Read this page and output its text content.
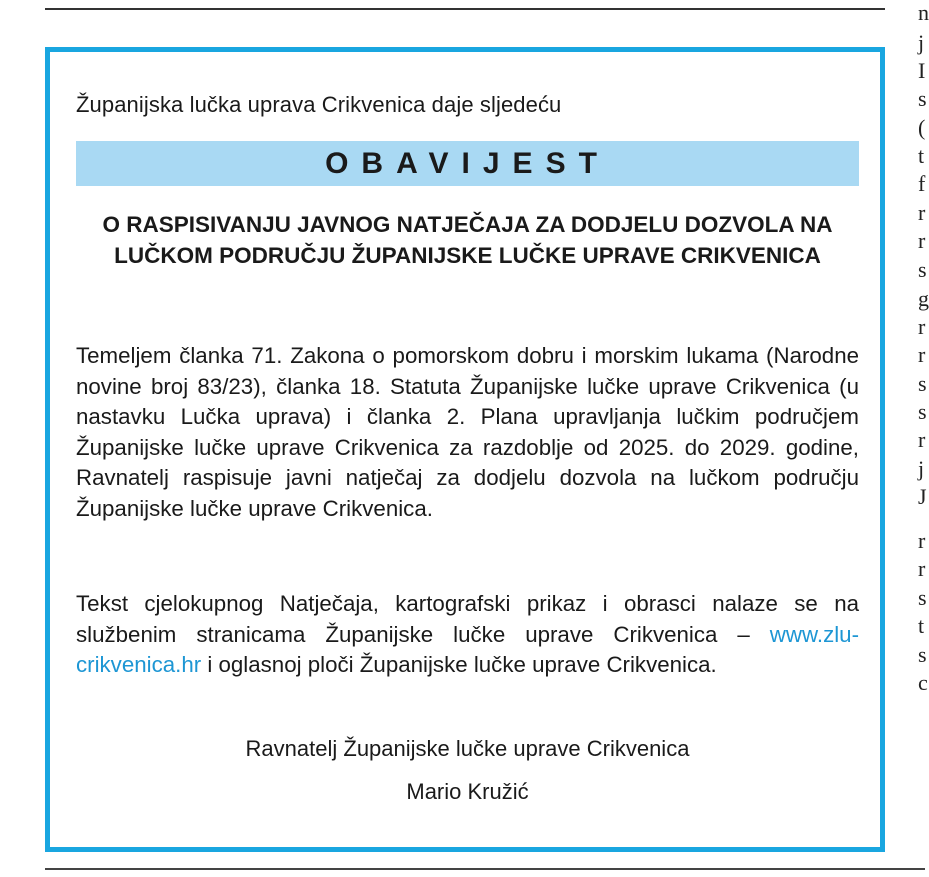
Županijska lučka uprava Crikvenica daje sljedeću
OBAVIJEST
O RASPISIVANJU JAVNOG NATJEČAJA ZA DODJELU DOZVOLA NA LUČKOM PODRUČJU ŽUPANIJSKE LUČKE UPRAVE CRIKVENICA

Temeljem članka 71. Zakona o pomorskom dobru i morskim lukama (Narodne novine broj 83/23), članka 18. Statuta Županijske lučke uprave Crikvenica (u nastavku Lučka uprava) i članka 2. Plana upravljanja lučkim područjem Županijske lučke uprave Crikvenica za razdoblje od 2025. do 2029. godine, Ravnatelj raspisuje javni natječaj za dodjelu dozvola na lučkom području Županijske lučke uprave Crikvenica.

Tekst cjelokupnog Natječaja, kartografski prikaz i obrasci nalaze se na službenim stranicama Županijske lučke uprave Crikvenica – www.zlu-crikvenica.hr i oglasnoj ploči Županijske lučke uprave Crikvenica.

Ravnatelj Županijske lučke uprave Crikvenica
Mario Kružić
n
j
I
s
(
t
f
r
r
s
g
r
r
s
s
r
j
J
r
r
s
t
s
c
